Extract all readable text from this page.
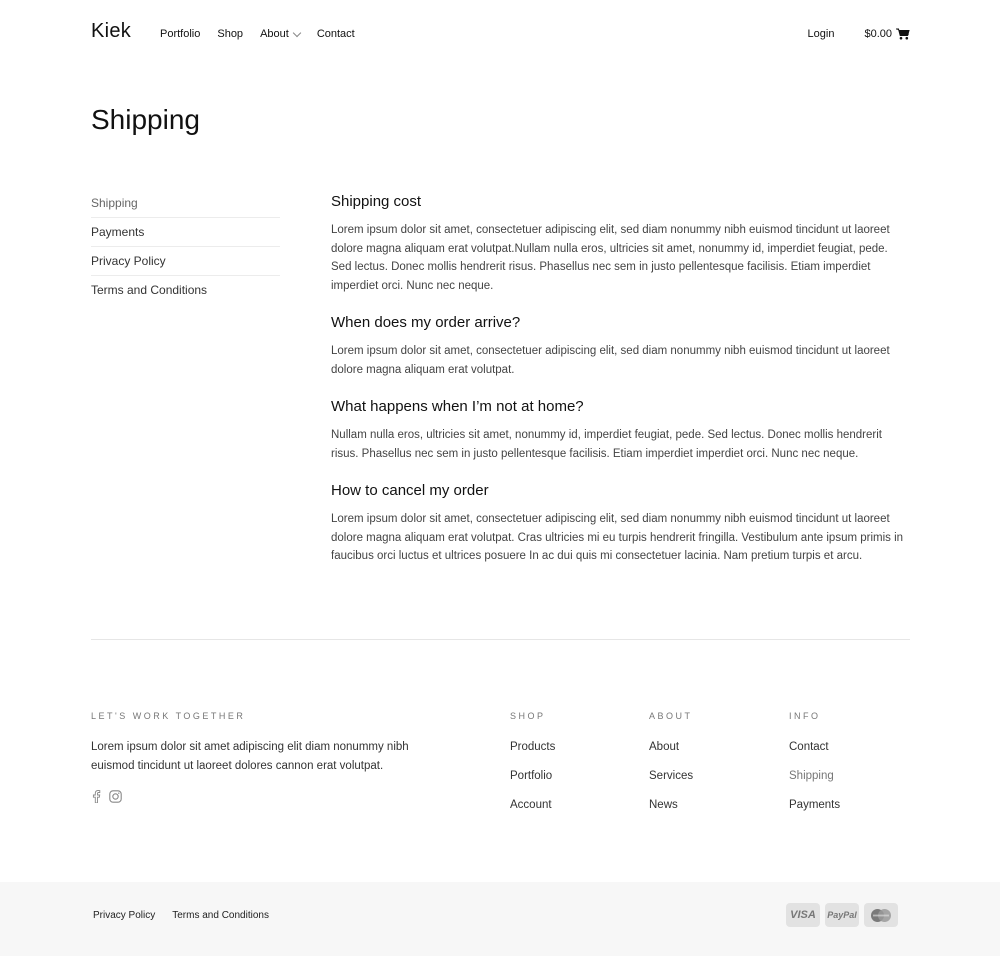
Kiek	Portfolio Shop About	Contact	Login	$0.00
Shipping
Shipping
Payments
Privacy Policy
Terms and Conditions
Shipping cost

Lorem ipsum dolor sit amet, consectetuer adipiscing elit, sed diam nonummy nibh euismod tincidunt ut laoreet dolore magna aliquam erat volutpat.Nullam nulla eros, ultricies sit amet, nonummy id, imperdiet feugiat, pede. Sed lectus. Donec mollis hendrerit risus. Phasellus nec sem in justo pellentesque facilisis. Etiam imperdiet imperdiet orci. Nunc nec neque.

When does my order arrive?

Lorem ipsum dolor sit amet, consectetuer adipiscing elit, sed diam nonummy nibh euismod tincidunt ut laoreet dolore magna aliquam erat volutpat.

What happens when I’m not at home?

Nullam nulla eros, ultricies sit amet, nonummy id, imperdiet feugiat, pede. Sed lectus. Donec mollis hendrerit risus. Phasellus nec sem in justo pellentesque facilisis. Etiam imperdiet imperdiet orci. Nunc nec neque.

How to cancel my order

Lorem ipsum dolor sit amet, consectetuer adipiscing elit, sed diam nonummy nibh euismod tincidunt ut laoreet dolore magna aliquam erat volutpat. Cras ultricies mi eu turpis hendrerit fringilla. Vestibulum ante ipsum primis in faucibus orci luctus et ultrices posuere In ac dui quis mi consectetuer lacinia. Nam pretium turpis et arcu.

LET'S WORK TOGETHER

Lorem ipsum dolor sit amet adipiscing elit diam nonummy nibh euismod tincidunt ut laoreet dolores cannon erat volutpat.

SHOP
Products
Portfolio
Account
ABOUT
About
Services
News
INFO
Contact
Shipping
Payments
Privacy Policy Terms and Conditions	VISA	PayPal
